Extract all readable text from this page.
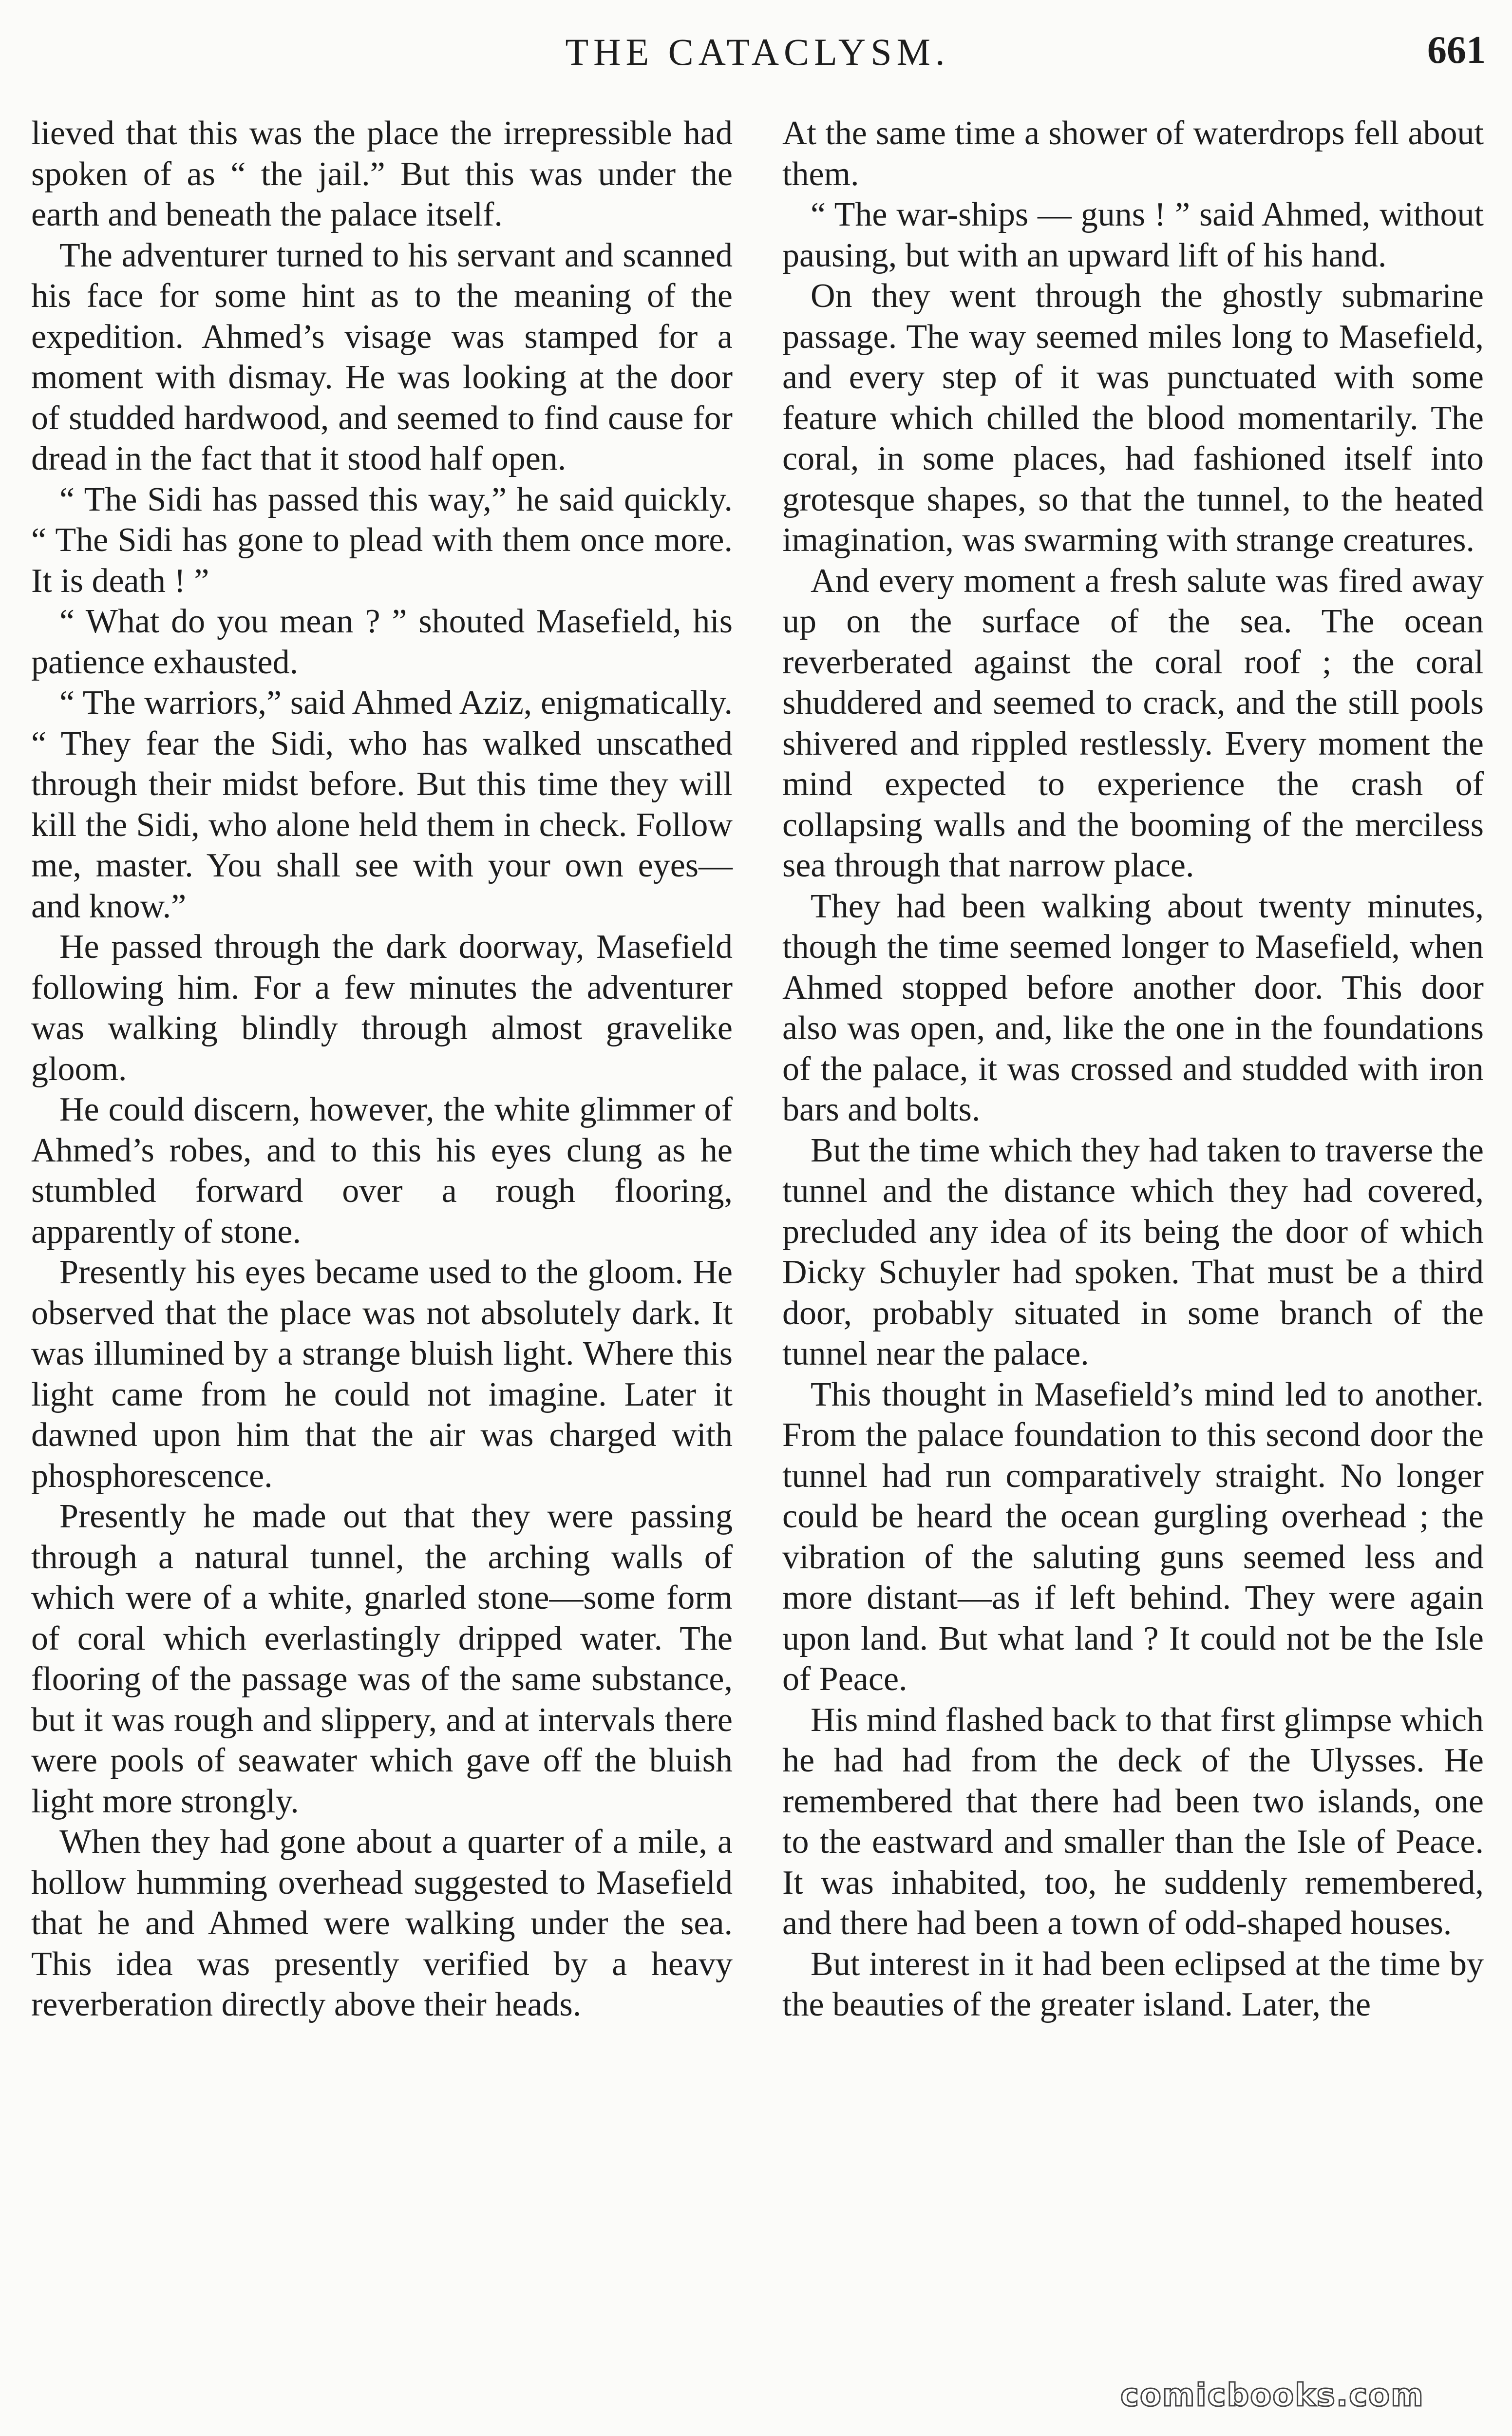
THE CATACLYSM.	661

lieved that this was the place the irrepressible had spoken of as “ the jail.” But this was under the earth and beneath the palace itself.

The adventurer turned to his servant and scanned his face for some hint as to the meaning of the expedition. Ahmed’s visage was stamped for a moment with dismay. He was looking at the door of studded hardwood, and seemed to find cause for dread in the fact that it stood half open.

“ The Sidi has passed this way,” he said quickly. “ The Sidi has gone to plead with them once more. It is death ! ”

“ What do you mean ? ” shouted Masefield, his patience exhausted.

“ The warriors,” said Ahmed Aziz, enigmatically. “ They fear the Sidi, who has walked unscathed through their midst before. But this time they will kill the Sidi, who alone held them in check. Follow me, master. You shall see with your own eyes—and know.”

He passed through the dark doorway, Masefield following him. For a few minutes the adventurer was walking blindly through almost gravelike gloom.

He could discern, however, the white glimmer of Ahmed’s robes, and to this his eyes clung as he stumbled forward over a rough flooring, apparently of stone.

Presently his eyes became used to the gloom. He observed that the place was not absolutely dark. It was illumined by a strange bluish light. Where this light came from he could not imagine. Later it dawned upon him that the air was charged with phosphorescence.

Presently he made out that they were passing through a natural tunnel, the arching walls of which were of a white, gnarled stone—some form of coral which everlastingly dripped water. The flooring of the passage was of the same substance, but it was rough and slippery, and at intervals there were pools of seawater which gave off the bluish light more strongly.

When they had gone about a quarter of a mile, a hollow humming overhead suggested to Masefield that he and Ahmed were walking under the sea. This idea was presently verified by a heavy reverberation directly above their heads.

At the same time a shower of waterdrops fell about them.

“ The war-ships — guns ! ” said Ahmed, without pausing, but with an upward lift of his hand.

On they went through the ghostly submarine passage. The way seemed miles long to Masefield, and every step of it was punctuated with some feature which chilled the blood momentarily. The coral, in some places, had fashioned itself into grotesque shapes, so that the tunnel, to the heated imagination, was swarming with strange creatures.

And every moment a fresh salute was fired away up on the surface of the sea. The ocean reverberated against the coral roof ; the coral shuddered and seemed to crack, and the still pools shivered and rippled restlessly. Every moment the mind expected to experience the crash of collapsing walls and the booming of the merciless sea through that narrow place.

They had been walking about twenty minutes, though the time seemed longer to Masefield, when Ahmed stopped before another door. This door also was open, and, like the one in the foundations of the palace, it was crossed and studded with iron bars and bolts.

But the time which they had taken to traverse the tunnel and the distance which they had covered, precluded any idea of its being the door of which Dicky Schuyler had spoken. That must be a third door, probably situated in some branch of the tunnel near the palace.

This thought in Masefield’s mind led to another. From the palace foundation to this second door the tunnel had run comparatively straight. No longer could be heard the ocean gurgling overhead ; the vibration of the saluting guns seemed less and more distant—as if left behind. They were again upon land. But what land ? It could not be the Isle of Peace.

His mind flashed back to that first glimpse which he had had from the deck of the Ulysses. He remembered that there had been two islands, one to the eastward and smaller than the Isle of Peace. It was inhabited, too, he suddenly remembered, and there had been a town of odd-shaped houses.

But interest in it had been eclipsed at the time by the beauties of the greater island. Later, the

comicbooks.com
